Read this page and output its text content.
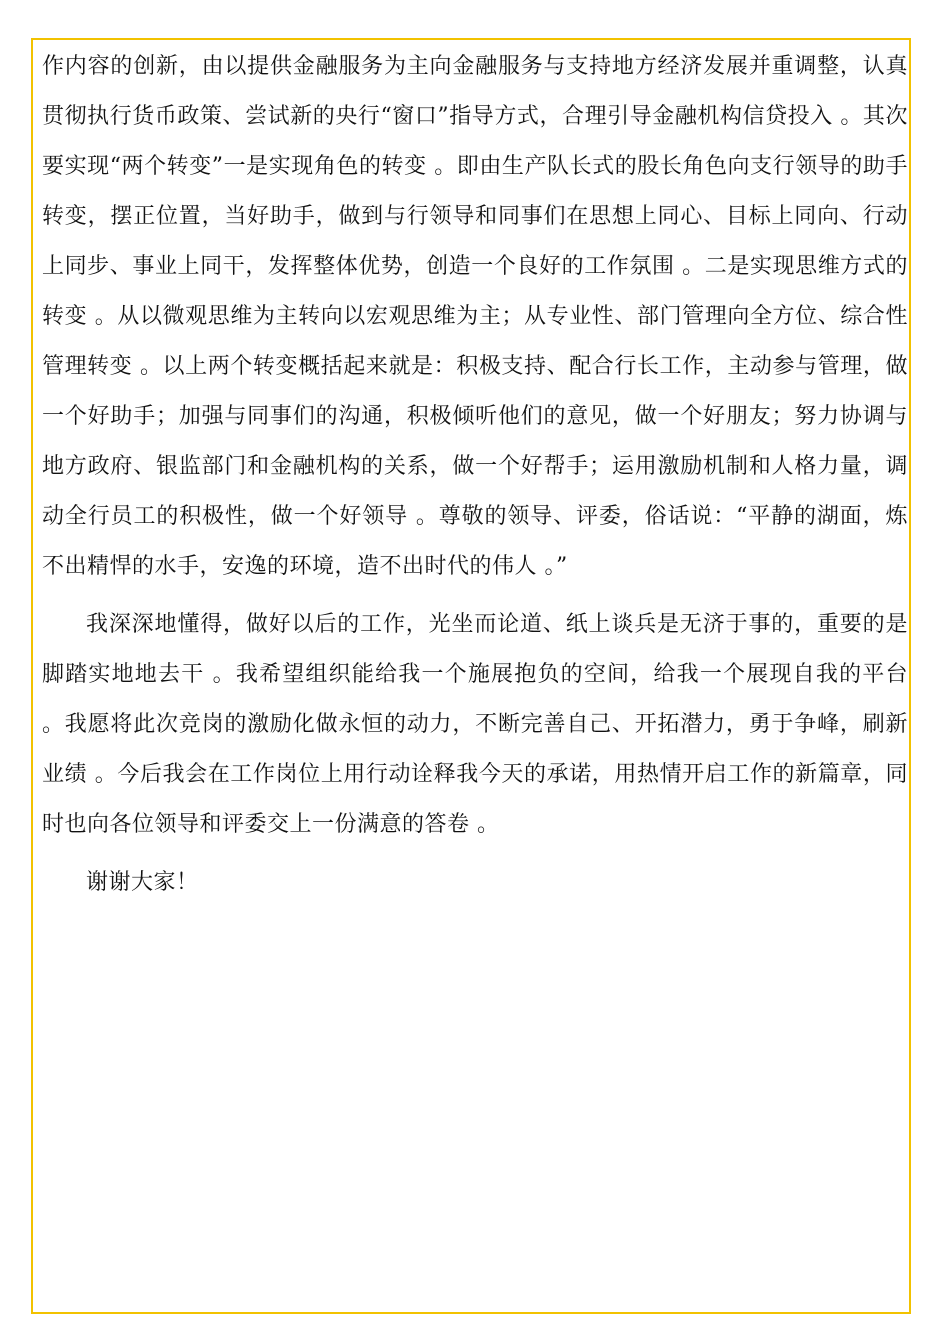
作内容的创新，由以提供金融服务为主向金融服务与支持地方经济发展并重调整，认真贯彻执行货币政策、尝试新的央行“窗口”指导方式，合理引导金融机构信贷投入 。其次要实现“两个转变”一是实现角色的转变 。即由生产队长式的股长角色向支行领导的助手转变，摆正位置，当好助手，做到与行领导和同事们在思想上同心、目标上同向、行动上同步、事业上同干，发挥整体优势，创造一个良好的工作氛围 。二是实现思维方式的转变 。从以微观思维为主转向以宏观思维为主；从专业性、部门管理向全方位、综合性管理转变 。以上两个转变概括起来就是：积极支持、配合行长工作，主动参与管理，做一个好助手；加强与同事们的沟通，积极倾听他们的意见，做一个好朋友；努力协调与地方政府、银监部门和金融机构的关系，做一个好帮手；运用激励机制和人格力量，调动全行员工的积极性，做一个好领导 。尊敬的领导、评委，俗话说：“平静的湖面，炼不出精悍的水手，安逸的环境，造不出时代的伟人 。”

我深深地懂得，做好以后的工作，光坐而论道、纸上谈兵是无济于事的，重要的是脚踏实地地去干 。我希望组织能给我一个施展抱负的空间，给我一个展现自我的平台 。我愿将此次竞岗的激励化做永恒的动力，不断完善自己、开拓潜力，勇于争峰，刷新业绩 。今后我会在工作岗位上用行动诠释我今天的承诺，用热情开启工作的新篇章，同时也向各位领导和评委交上一份满意的答卷 。

谢谢大家！
